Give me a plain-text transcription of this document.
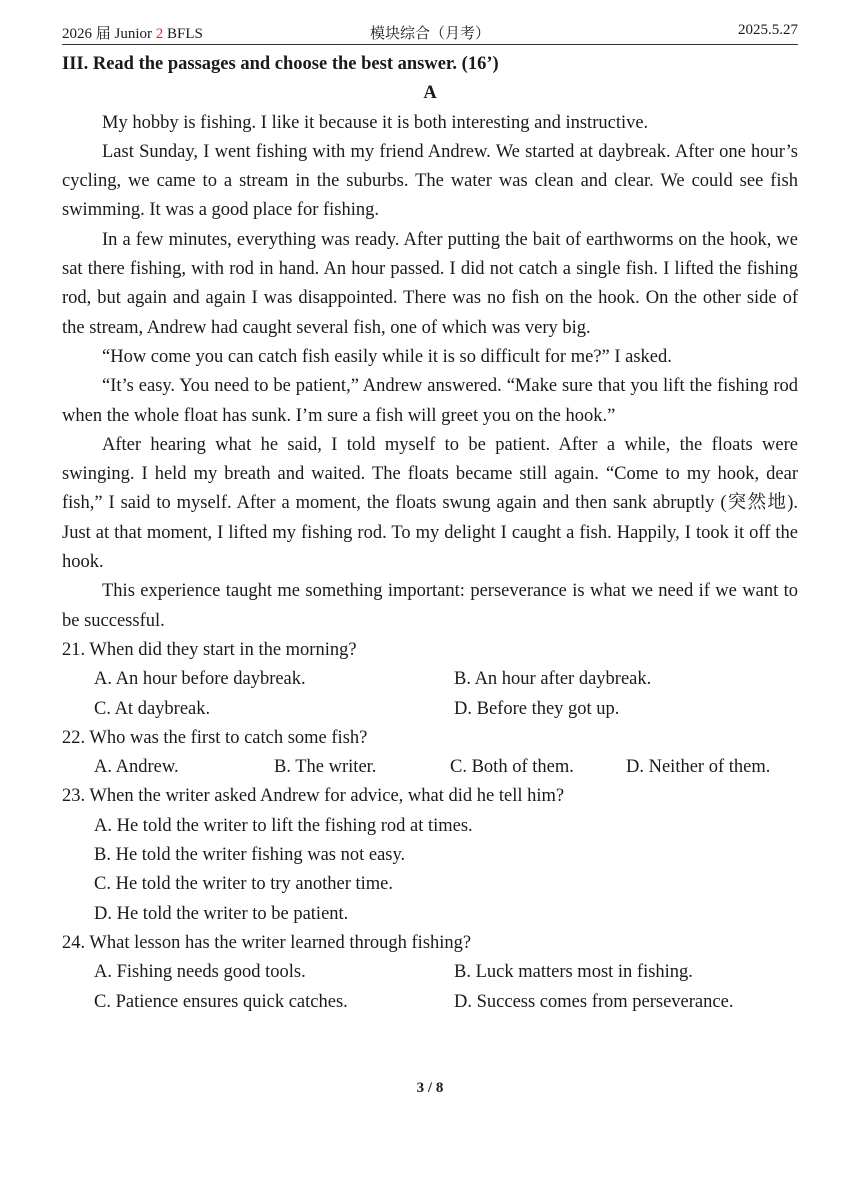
2026 届 Junior 2 BFLS	模块综合（月考）	2025.5.27
III. Read the passages and choose the best answer. (16’)
A

My hobby is fishing. I like it because it is both interesting and instructive.

Last Sunday, I went fishing with my friend Andrew. We started at daybreak. After one hour’s cycling, we came to a stream in the suburbs. The water was clean and clear. We could see fish swimming. It was a good place for fishing.

In a few minutes, everything was ready. After putting the bait of earthworms on the hook, we sat there fishing, with rod in hand. An hour passed. I did not catch a single fish. I lifted the fishing rod, but again and again I was disappointed. There was no fish on the hook. On the other side of the stream, Andrew had caught several fish, one of which was very big.

“How come you can catch fish easily while it is so difficult for me?” I asked.

“It’s easy. You need to be patient,” Andrew answered. “Make sure that you lift the fishing rod when the whole float has sunk. I’m sure a fish will greet you on the hook.”

After hearing what he said, I told myself to be patient. After a while, the floats were swinging. I held my breath and waited. The floats became still again. “Come to my hook, dear fish,” I said to myself. After a moment, the floats swung again and then sank abruptly (突然地). Just at that moment, I lifted my fishing rod. To my delight I caught a fish. Happily, I took it off the hook.

This experience taught me something important: perseverance is what we need if we want to be successful.

21. When did they start in the morning?

A. An hour before daybreak.	B. An hour after daybreak.
C. At daybreak.	D. Before they got up.

22. Who was the first to catch some fish?

A. Andrew.	B. The writer.	C. Both of them.	D. Neither of them.

23. When the writer asked Andrew for advice, what did he tell him?

A. He told the writer to lift the fishing rod at times.
B. He told the writer fishing was not easy.
C. He told the writer to try another time.
D. He told the writer to be patient.

24. What lesson has the writer learned through fishing?

A. Fishing needs good tools.	B. Luck matters most in fishing.
C. Patience ensures quick catches.	D. Success comes from perseverance.
3 / 8
